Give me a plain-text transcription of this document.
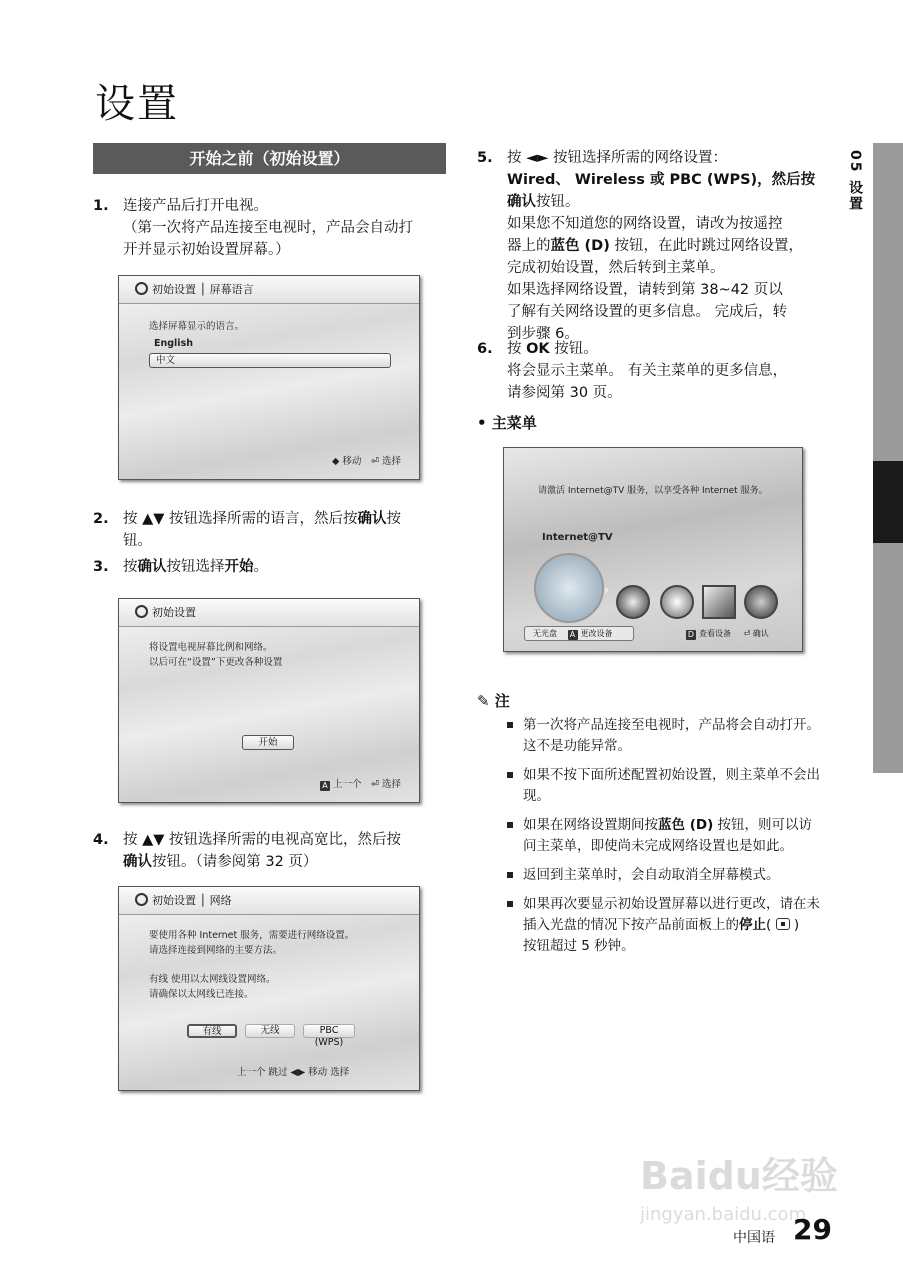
设置
开始之前（初始设置）	05 设置
1. 连接产品后打开电视。
（第一次将产品连接至电视时，产品会自动打
开并显示初始设置屏幕。）
初始设置 │ 屏幕语言
选择屏幕显示的语言。
English
中文
◆ 移动 ⏎ 选择
2. 按 ▲▼ 按钮选择所需的语言，然后按确认按
钮。
3. 按确认按钮选择开始。
初始设置
将设置电视屏幕比例和网络。
以后可在“设置”下更改各种设置
开始
A 上一个 ⏎ 选择
4. 按 ▲▼ 按钮选择所需的电视高宽比，然后按
确认按钮。（请参阅第 32 页）
初始设置 │ 网络
要使用各种 Internet 服务，需要进行网络设置。
请选择连接到网络的主要方法。
有线 使用以太网线设置网络。
请确保以太网线已连接。
有线	无线	PBC (WPS)
上一个 跳过 ◀▶ 移动 选择
5. 按 ◄► 按钮选择所需的网络设置：
Wired、 Wireless 或 PBC (WPS)，然后按
确认按钮。
如果您不知道您的网络设置，请改为按遥控
器上的蓝色 (D) 按钮，在此时跳过网络设置，
完成初始设置，然后转到主菜单。
如果选择网络设置，请转到第 38~42 页以
了解有关网络设置的更多信息。 完成后，转
到步骤 6。
6. 按 OK 按钮。
将会显示主菜单。 有关主菜单的更多信息，
请参阅第 30 页。
• 主菜单
请激活 Internet@TV 服务，以享受各种 Internet 服务。
Internet@TV
›
无光盘 A 更改设备	D 查看设备 ⏎ 确认
✎ 注
第一次将产品连接至电视时，产品将会自动打开。
这不是功能异常。
如果不按下面所述配置初始设置，则主菜单不会出
现。
如果在网络设置期间按蓝色 (D) 按钮，则可以访
问主菜单，即使尚未完成网络设置也是如此。
返回到主菜单时，会自动取消全屏幕模式。
如果再次要显示初始设置屏幕以进行更改，请在未
插入光盘的情况下按产品前面板上的停止(
)
按钮超过 5 秒钟。
Baidu经验
jingyan.baidu.com
中国语 29
